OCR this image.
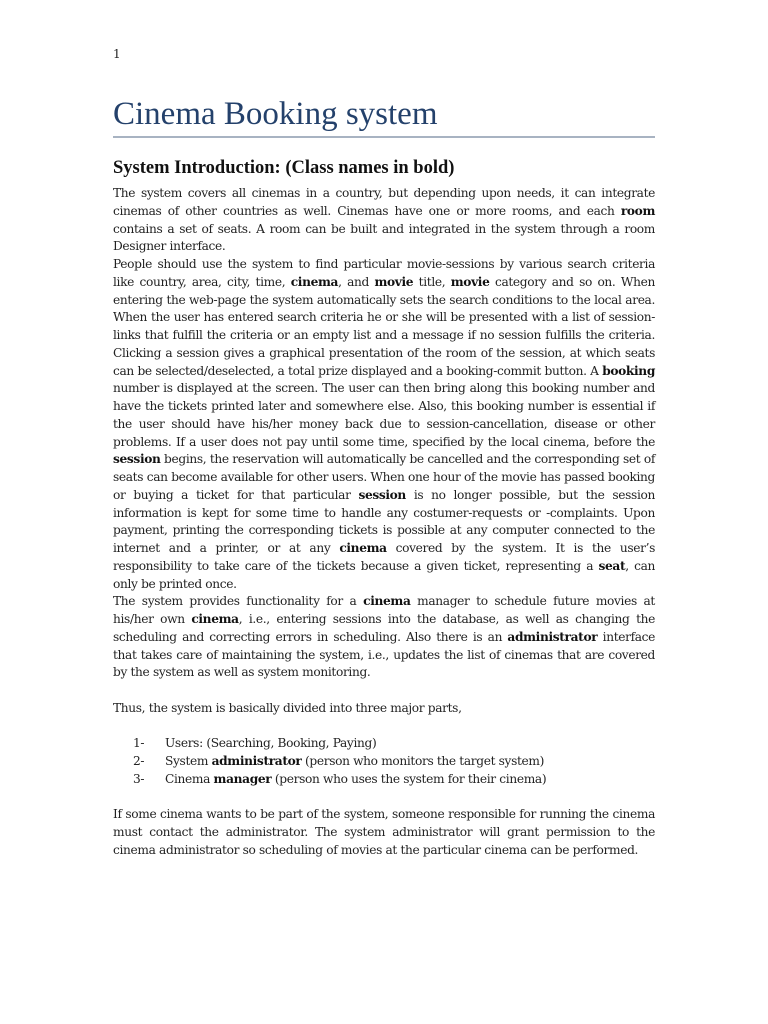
1
Cinema Booking system
System Introduction: (Class names in bold)

The system covers all cinemas in a country, but depending upon needs, it can integrate cinemas of other countries as well. Cinemas have one or more rooms, and each room contains a set of seats. A room can be built and integrated in the system through a room Designer interface.

People should use the system to find particular movie-sessions by various search criteria like country, area, city, time, cinema, and movie title, movie category and so on. When entering the web-page the system automatically sets the search conditions to the local area. When the user has entered search criteria he or she will be presented with a list of session-links that fulfill the criteria or an empty list and a message if no session fulfills the criteria. Clicking a session gives a graphical presentation of the room of the session, at which seats can be selected/deselected, a total prize displayed and a booking-commit button. A booking number is displayed at the screen. The user can then bring along this booking number and have the tickets printed later and somewhere else. Also, this booking number is essential if the user should have his/her money back due to session-cancellation, disease or other problems. If a user does not pay until some time, specified by the local cinema, before the session begins, the reservation will automatically be cancelled and the corresponding set of seats can become available for other users. When one hour of the movie has passed booking or buying a ticket for that particular session is no longer possible, but the session information is kept for some time to handle any costumer-requests or -complaints. Upon payment, printing the corresponding tickets is possible at any computer connected to the internet and a printer, or at any cinema covered by the system. It is the user’s responsibility to take care of the tickets because a given ticket, representing a seat, can only be printed once.

The system provides functionality for a cinema manager to schedule future movies at his/her own cinema, i.e., entering sessions into the database, as well as changing the scheduling and correcting errors in scheduling. Also there is an administrator interface that takes care of maintaining the system, i.e., updates the list of cinemas that are covered by the system as well as system monitoring.

Thus, the system is basically divided into three major parts,

1- Users: (Searching, Booking, Paying)
2- System administrator (person who monitors the target system)
3- Cinema manager (person who uses the system for their cinema)

If some cinema wants to be part of the system, someone responsible for running the cinema must contact the administrator. The system administrator will grant permission to the cinema administrator so scheduling of movies at the particular cinema can be performed.
